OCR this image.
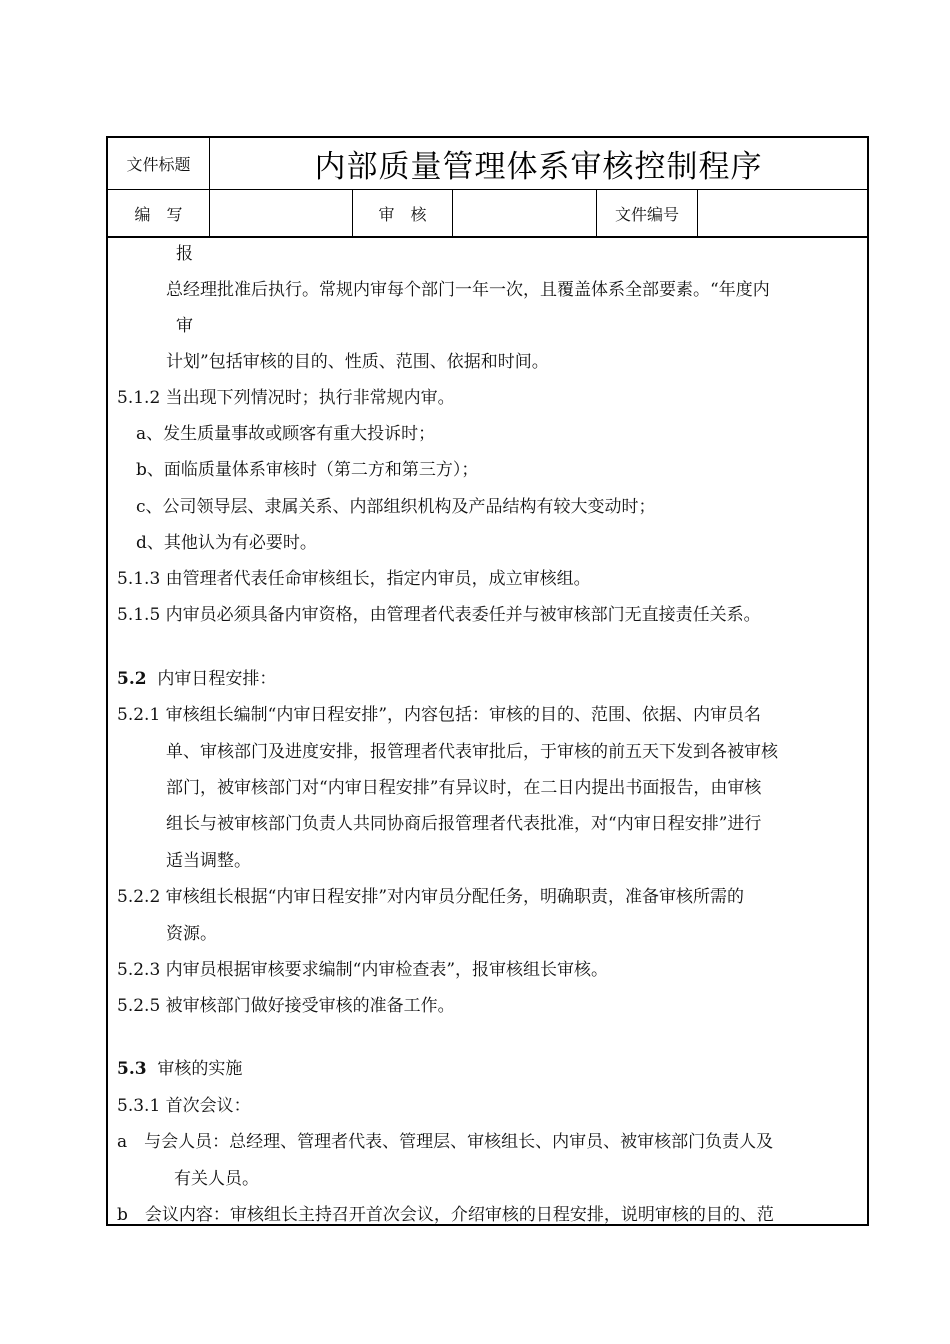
文件标题	内部质量管理体系审核控制程序
编　写	审　核	文件编号
报
总经理批准后执行。常规内审每个部门一年一次，且覆盖体系全部要素。“年度内
审
计划”包括审核的目的、性质、范围、依据和时间。
5.1.2 当出现下列情况时；执行非常规内审。
a、发生质量事故或顾客有重大投诉时；
b、面临质量体系审核时（第二方和第三方）；
c、公司领导层、隶属关系、内部组织机构及产品结构有较大变动时；
d、其他认为有必要时。
5.1.3 由管理者代表任命审核组长，指定内审员，成立审核组。
5.1.5 内审员必须具备内审资格，由管理者代表委任并与被审核部门无直接责任关系。
5.2 内审日程安排：
5.2.1 审核组长编制“内审日程安排”，内容包括：审核的目的、范围、依据、内审员名
单、审核部门及进度安排，报管理者代表审批后，于审核的前五天下发到各被审核
部门，被审核部门对“内审日程安排”有异议时，在二日内提出书面报告，由审核
组长与被审核部门负责人共同协商后报管理者代表批准，对“内审日程安排”进行
适当调整。
5.2.2 审核组长根据“内审日程安排”对内审员分配任务，明确职责，准备审核所需的
资源。
5.2.3 内审员根据审核要求编制“内审检查表”，报审核组长审核。
5.2.5 被审核部门做好接受审核的准备工作。
5.3 审核的实施
5.3.1 首次会议：
a　与会人员：总经理、管理者代表、管理层、审核组长、内审员、被审核部门负责人及
有关人员。
b　会议内容：审核组长主持召开首次会议，介绍审核的日程安排，说明审核的目的、范
